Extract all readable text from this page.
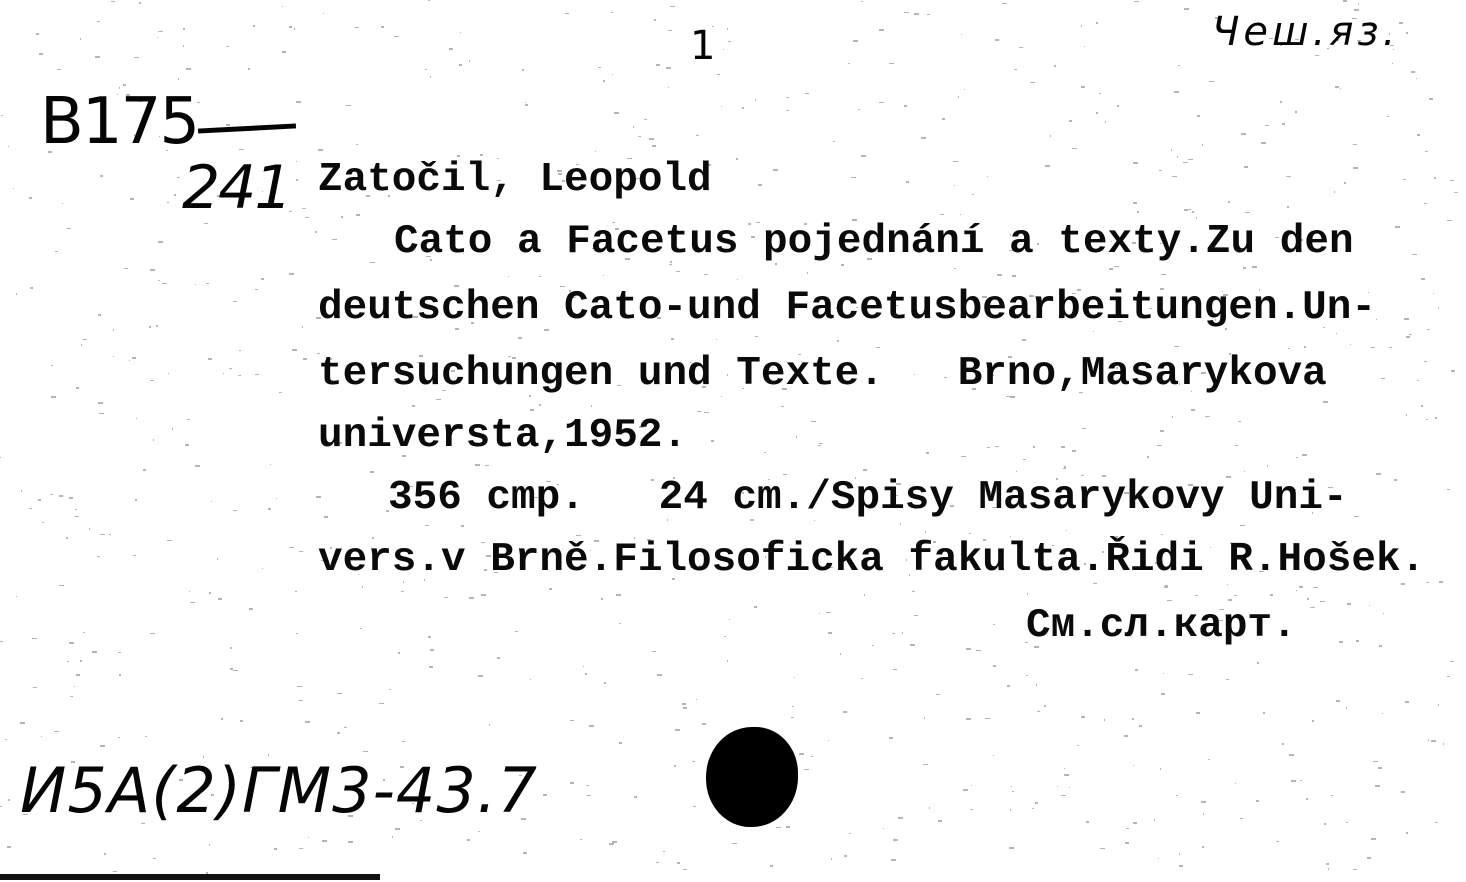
1	Чеш.яз.
B175
241 Zatočil, Leopold
Cato a Facetus pojednání a texty.Zu den
deutschen Cato-und Facetusbearbeitungen.Un-
tersuchungen und Texte.   Brno,Masarykova
universta,1952.
356 cmp.   24 cm./Spisy Masarykovy Uni-
vers.v Brně.Filosoficka fakulta.Řidi R.Hošek.
См.сл.карт.
И5А(2)ГМ3-43.7
